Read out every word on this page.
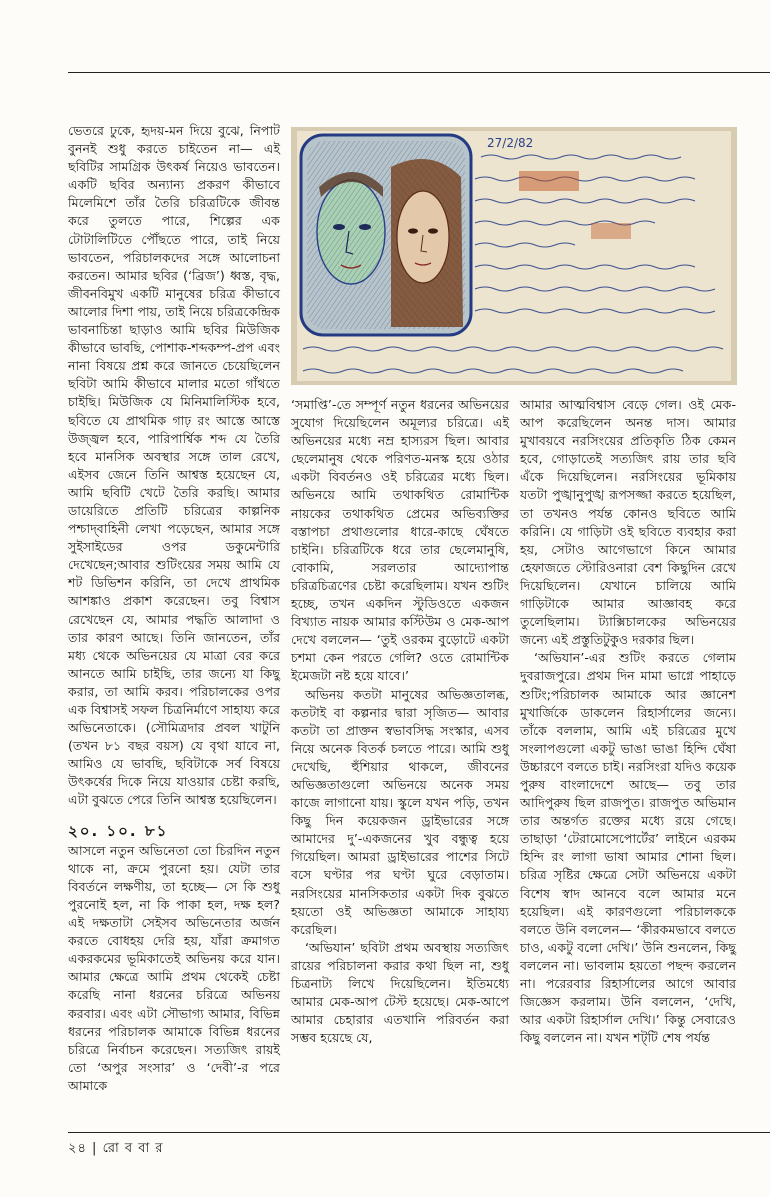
ভেতরে ঢুকে, হৃদয়-মন দিয়ে বুঝে, নিপাট বুননই শুধু করতে চাইতেন না— এই ছবিটির সামগ্রিক উৎকর্ষ নিয়েও ভাবতেন। একটি ছবির অন্যান্য প্রকরণ কীভাবে মিলেমিশে তাঁর তৈরি চরিত্রটিকে জীবন্ত করে তুলতে পারে, শিল্পের এক টোটালিটিতে পৌঁছতে পারে, তাই নিয়ে ভাবতেন, পরিচালকদের সঙ্গে আলোচনা করতেন। আমার ছবির (‘ব্রিজ’) ধ্বস্ত, বৃদ্ধ, জীবনবিমুখ একটি মানুষের চরিত্র কীভাবে আলোর দিশা পায়, তাই নিয়ে চরিত্রকেন্দ্রিক ভাবনাচিন্তা ছাড়াও আমি ছবির মিউজিক কীভাবে ভাবছি, পোশাক-শব্দকম্প-প্রপ এবং নানা বিষয়ে প্রশ্ন করে জানতে চেয়েছিলেন ছবিটা আমি কীভাবে মালার মতো গাঁথতে চাইছি। মিউজিক যে মিনিমালিস্টিক হবে, ছবিতে যে প্রাথমিক গাঢ় রং আস্তে আস্তে উজ্জ্বল হবে, পারিপার্শ্বিক শব্দ যে তৈরি হবে মানসিক অবস্থার সঙ্গে তাল রেখে, এইসব জেনে তিনি আশ্বস্ত হয়েছেন যে, আমি ছবিটি খেটে তৈরি করছি। আমার ডায়েরিতে প্রতিটি চরিত্রের কাল্পনিক পশ্চাদ্‌বাহিনী লেখা পড়েছেন, আমার সঙ্গে সুইসাইডের ওপর ডকুমেন্টারি দেখেছেন;আবার শুটিংয়ের সময় আমি যে শট ডিভিশন করিনি, তা দেখে প্রাথমিক আশঙ্কাও প্রকাশ করেছেন। তবু বিশ্বাস রেখেছেন যে, আমার পদ্ধতি আলাদা ও তার কারণ আছে। তিনি জানতেন, তাঁর মধ্য থেকে অভিনয়ের যে মাত্রা বের করে আনতে আমি চাইছি, তার জন্যে যা কিছু করার, তা আমি করব। পরিচালকের ওপর এক বিশ্বাসই সফল চিত্রনির্মাণে সাহায্য করে অভিনেতাকে। (সৌমিত্রদার প্রবল খাটুনি (তখন ৮১ বছর বয়স) যে বৃথা যাবে না, আমিও যে ভাবছি, ছবিটাকে সর্ব বিষয়ে উৎকর্ষের দিকে নিয়ে যাওয়ার চেষ্টা করছি, এটা বুঝতে পেরে তিনি আশ্বস্ত হয়েছিলেন।

২০. ১০. ৮১

আসলে নতুন অভিনেতা তো চিরদিন নতুন থাকে না, ক্রমে পুরনো হয়। যেটা তার বিবর্তনে লক্ষণীয়, তা হচ্ছে— সে কি শুধু পুরনোই হল, না কি পাকা হল, দক্ষ হল? এই দক্ষতাটা সেইসব অভিনেতার অর্জন করতে বোধহয় দেরি হয়, যাঁরা ক্রমাগত একরকমের ভূমিকাতেই অভিনয় করে যান। আমার ক্ষেত্রে আমি প্রথম থেকেই চেষ্টা করেছি নানা ধরনের চরিত্রে অভিনয় করবার। এবং এটা সৌভাগ্য আমার, বিভিন্ন ধরনের পরিচালক আমাকে বিভিন্ন ধরনের চরিত্রে নির্বাচন করেছেন। সত্যজিৎ রায়ই তো ‘অপুর সংসার’ ও ‘দেবী’-র পরে আমাকে

27/2/82

‘সমাপ্তি’-তে সম্পূর্ণ নতুন ধরনের অভিনয়ের সুযোগ দিয়েছিলেন অমূল্যর চরিত্রে। এই অভিনয়ের মধ্যে নম্র হাস্যরস ছিল। আবার ছেলেমানুষ থেকে পরিণত-মনস্ক হয়ে ওঠার একটা বিবর্তনও ওই চরিত্রের মধ্যে ছিল। অভিনয়ে আমি তথাকথিত রোমান্টিক নায়কের তথাকথিত প্রেমের অভিব্যক্তির বস্তাপচা প্রথাগুলোর ধারে-কাছে ঘেঁষতে চাইনি। চরিত্রটিকে ধরে তার ছেলেমানুষি, বোকামি, সরলতার আদ্যোপান্ত চরিত্রচিত্রণের চেষ্টা করেছিলাম। যখন শুটিং হচ্ছে, তখন একদিন স্টুডিওতে একজন বিখ্যাত নায়ক আমার কস্টিউম ও মেক-আপ দেখে বললেন— ‘তুই ওরকম বুড়োটে একটা চশমা কেন পরতে গেলি? ওতে রোমান্টিক ইমেজটা নষ্ট হয়ে যাবে।’

অভিনয় কতটা মানুষের অভিজ্ঞতালব্ধ, কতটাই বা কল্পনার দ্বারা সৃজিত— আবার কতটা তা প্রাক্তন স্বভাবসিদ্ধ সংস্কার, এসব নিয়ে অনেক বিতর্ক চলতে পারে। আমি শুধু দেখেছি, হুঁশিয়ার থাকলে, জীবনের অভিজ্ঞতাগুলো অভিনয়ে অনেক সময় কাজে লাগানো যায়। স্কুলে যখন পড়ি, তখন কিছু দিন কয়েকজন ড্রাইভারের সঙ্গে আমাদের দু’-একজনের খুব বন্ধুত্ব হয়ে গিয়েছিল। আমরা ড্রাইভারের পাশের সিটে বসে ঘণ্টার পর ঘণ্টা ঘুরে বেড়াতাম। নরসিংয়ের মানসিকতার একটা দিক বুঝতে হয়তো ওই অভিজ্ঞতা আমাকে সাহায্য করেছিল।

‘অভিযান’ ছবিটা প্রথম অবস্থায় সত্যজিৎ রায়ের পরিচালনা করার কথা ছিল না, শুধু চিত্রনাট্য লিখে দিয়েছিলেন। ইতিমধ্যে আমার মেক-আপ টেস্ট হয়েছে। মেক-আপে আমার চেহারার এতখানি পরিবর্তন করা সম্ভব হয়েছে যে,

আমার আত্মবিশ্বাস বেড়ে গেল। ওই মেক-আপ করেছিলেন অনন্ত দাস। আমার মুখাবয়বে নরসিংয়ের প্রতিকৃতি ঠিক কেমন হবে, গোড়াতেই সত্যজিৎ রায় তার ছবি এঁকে দিয়েছিলেন। নরসিংয়ের ভূমিকায় যতটা পুঙ্খানুপুঙ্খ রূপসজ্জা করতে হয়েছিল, তা তখনও পর্যন্ত কোনও ছবিতে আমি করিনি। যে গাড়িটা ওই ছবিতে ব্যবহার করা হয়, সেটাও আগেভাগে কিনে আমার হেফাজতে স্টোরিওনারা বেশ কিছুদিন রেখে দিয়েছিলেন। যেখানে চালিয়ে আমি গাড়িটাকে আমার আজ্ঞাবহ করে তুলেছিলাম। ট্যাক্সিচালকের অভিনয়ের জন্যে এই প্রস্তুতিটুকুও দরকার ছিল।

‘অভিযান’-এর শুটিং করতে গেলাম দুবরাজপুরে। প্রথম দিন মামা ভাগ্নে পাহাড়ে শুটিং;পরিচালক আমাকে আর জ্ঞানেশ মুখার্জিকে ডাকলেন রিহার্সালের জন্যে। তাঁকে বললাম, আমি এই চরিত্রের মুখে সংলাপগুলো একটু ভাঙা ভাঙা হিন্দি ঘেঁষা উচ্চারণে বলতে চাই। নরসিংরা যদিও কয়েক পুরুষ বাংলাদেশে আছে— তবু তার আদিপুরুষ ছিল রাজপুত। রাজপুত অভিমান তার অন্তর্গত রক্তের মধ্যে রয়ে গেছে। তাছাড়া ‘টেরামোসেপোর্টের’ লাইনে এরকম হিন্দি রং লাগা ভাষা আমার শোনা ছিল। চরিত্র সৃষ্টির ক্ষেত্রে সেটা অভিনয়ে একটা বিশেষ স্বাদ আনবে বলে আমার মনে হয়েছিল। এই কারণগুলো পরিচালককে বলতে উনি বললেন— ‘কীরকমভাবে বলতে চাও, একটু বলো দেখি।’ উনি শুনলেন, কিছু বললেন না। ভাবলাম হয়তো পছন্দ করলেন না। পরেরবার রিহার্সালের আগে আবার জিজ্ঞেস করলাম। উনি বললেন, ‘দেখি, আর একটা রিহার্সাল দেখি।’ কিন্তু সেবারেও কিছু বললেন না। যখন শট্‌টি শেষ পর্যন্ত

২৪ | রো ব বা র
